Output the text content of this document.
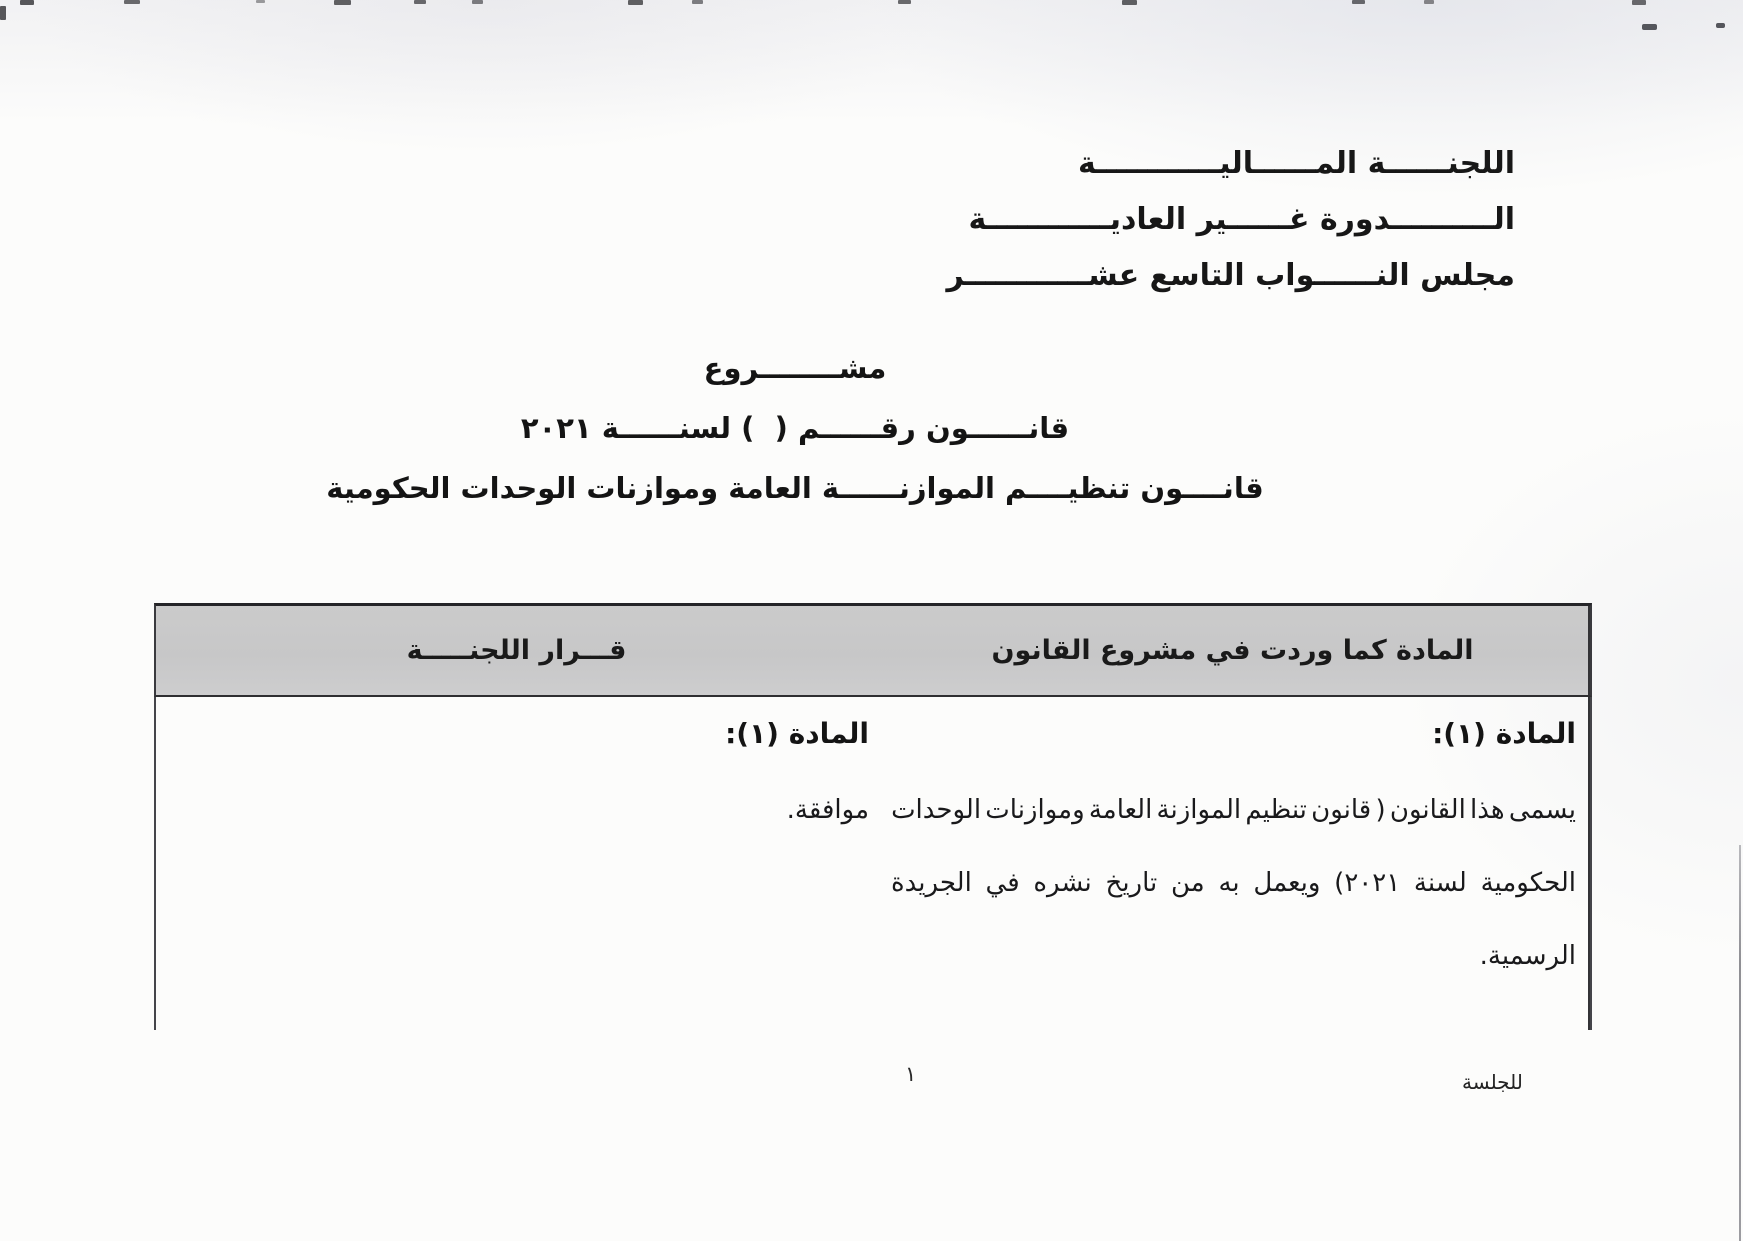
اللجنــــــة المــــــاليــــــــــــة
الــــــــــدورة غــــــير العاديــــــــــــة
مجلس النــــــواب التاسع عشــــــــــــر
مشــــــــروع
قانــــــون رقــــــم (  ) لسنــــــة ٢٠٢١
قانــــون تنظيــــم الموازنــــــة العامة وموازنات الوحدات الحكومية
قـــرار اللجنـــــة	المادة كما وردت في مشروع القانون
المادة (١):
موافقة.
المادة (١):
يسمى
هذا
القانون
(
قانون
تنظيم
الموازنة
العامة
وموازنات
الوحدات
الحكومية
لسنة
٢٠٢١)
ويعمل
به
من
تاريخ
نشره
في
الجريدة
الرسمية.
١	للجلسة
